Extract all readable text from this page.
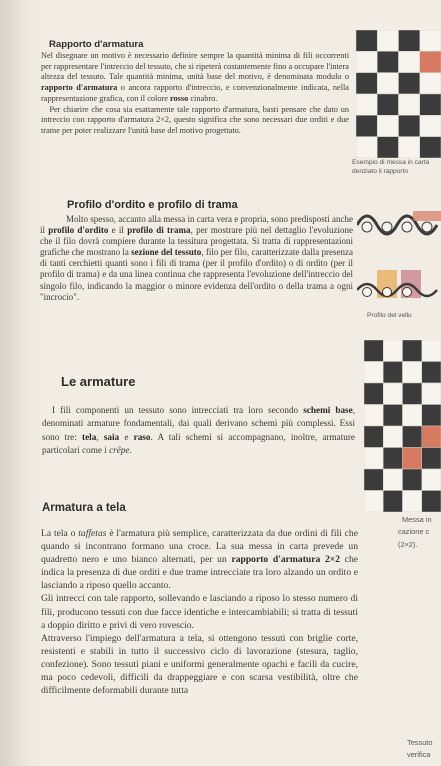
Rapporto d'armatura

Nel disegnare un motivo è necessario definire sempre la quantità minima di fili occorrenti per rappresentare l'intreccio del tessuto, che si ripeterà costantemente fino a occupare l'intera altezza del tessuto. Tale quantità minima, unità base del motivo, è denominata modulo o rapporto d'armatura o ancora rapporto d'intreccio, e convenzionalmente indicata, nella rappresentazione grafica, con il colore rosso cinabro.
Per chiarire che cosa sia esattamente tale rapporto d'armatura, basti pensare che dato un intreccio con rapporto d'armatura 2×2, questo significa che sono necessari due orditi e due trame per poter realizzare l'unità base del motivo progettato.

Esempio di messa in carta denziato il rapporto
Profilo d'ordito e profilo di trama

Molto spesso, accanto alla messa in carta vera e propria, sono predisposti anche il profilo d'ordito e il profilo di trama, per mostrare più nel dettaglio l'evoluzione che il filo dovrà compiere durante la tessitura progettata. Si tratta di rappresentazioni grafiche che mostrano la sezione del tessuto, filo per filo, caratterizzate dalla presenza di tanti cerchietti quanti sono i fili di trama (per il profilo d'ordito) o di ordito (per il profilo di trama) e da una linea continua che rappresenta l'evoluzione dell'intreccio del singolo filo, indicando la maggior o minore evidenza dell'ordito o della trama a ogni "incrocio".

Profilo del vellu
Le armature

I fili componenti un tessuto sono intrecciati tra loro secondo schemi base, denominati armature fondamentali, dai quali derivano schemi più complessi. Essi sono tre: tela, saia e raso. A tali schemi si accompagnano, inoltre, armature particolari come i crêpe.

Armatura a tela

La tela o taffetas è l'armatura più semplice, caratterizzata da due ordini di fili che quando si incontrano formano una croce. La sua messa in carta prevede un quadretto nero e uno bianco alternati, per un rapporto d'armatura 2×2 che indica la presenza di due orditi e due trame intrecciate tra loro alzando un ordito e lasciando a riposo quello accanto.
Gli intrecci con tale rapporto, sollevando e lasciando a riposo lo stesso numero di fili, producono tessuti con due facce identiche e intercambiabili; si tratta di tessuti a doppio diritto e privi di vero rovescio.
Attraverso l'impiego dell'armatura a tela, si ottengono tessuti con briglie corte, resistenti e stabili in tutto il successivo ciclo di lavorazione (stesura, taglio, confezione). Sono tessuti piani e uniformi generalmente opachi e facili da cucire, ma poco cedevoli, difficili da drappeggiare e con scarsa vestibilità, oltre che difficilmente deformabili durante tutta

Messa in
cazione c
(2×2).
Tessuto
verifica
